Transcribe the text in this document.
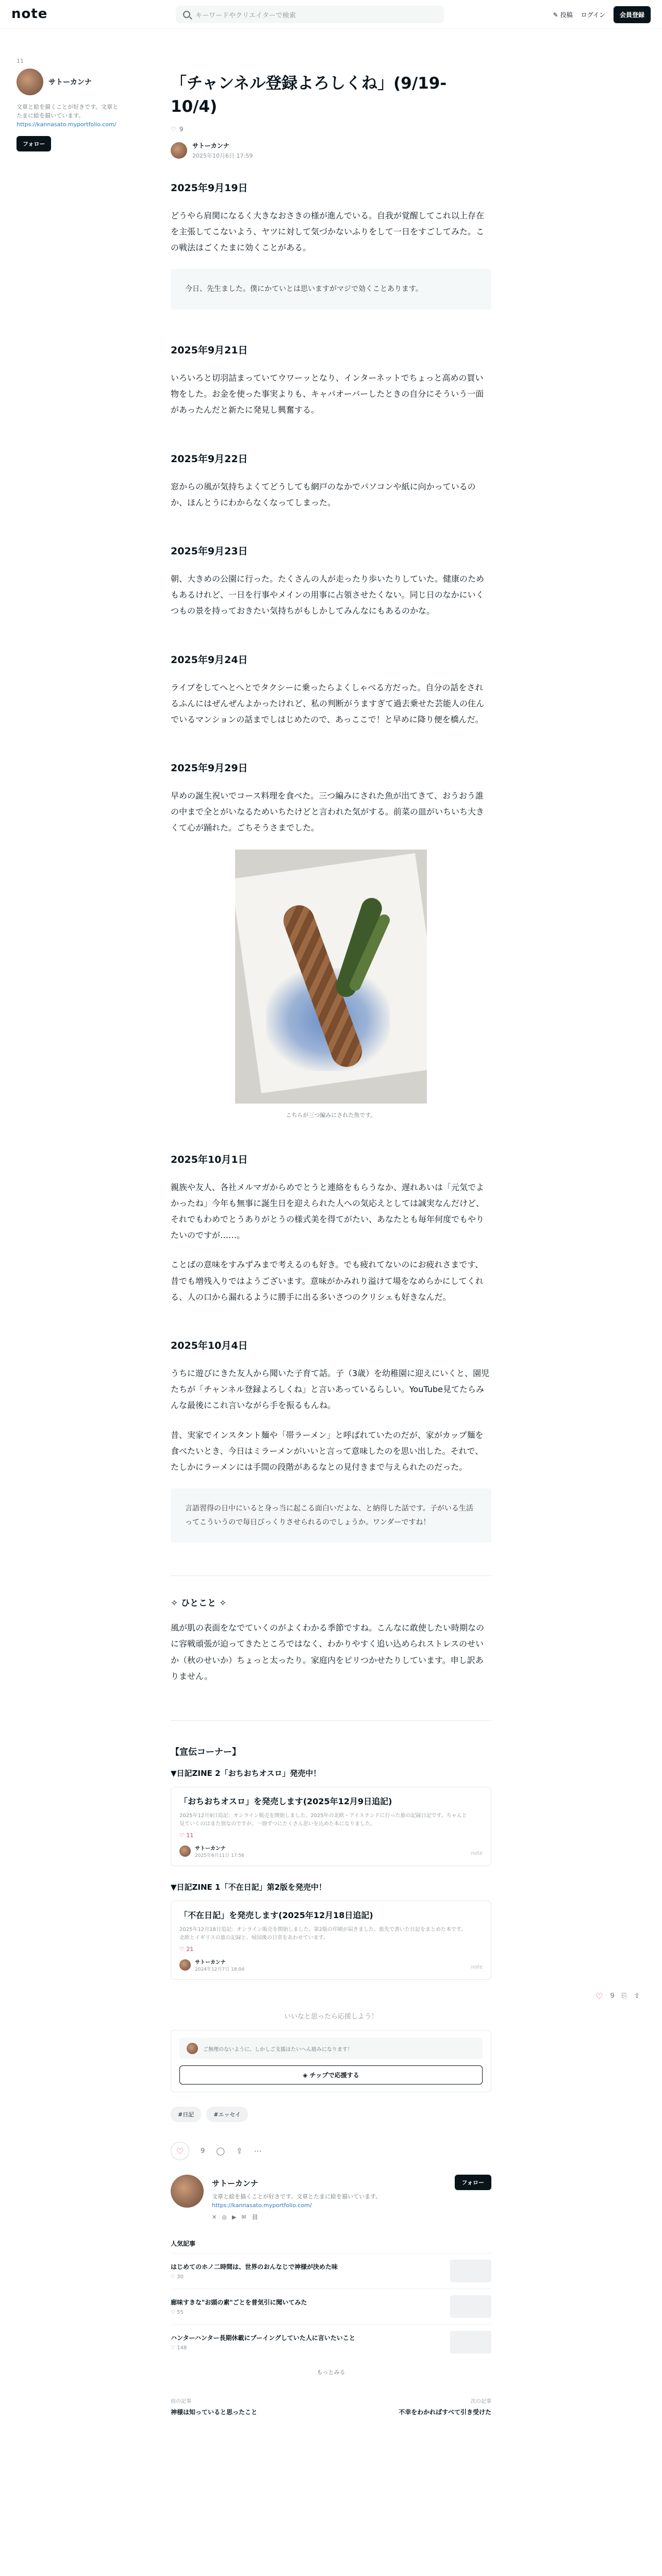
note	キーワードやクリエイターで検索	✎ 投稿 ログイン	会員登録
11
サトーカンナ
文章と絵を描くことが好きです。文章とたまに絵を描いています。
https://kannasato.myportfolio.com/
フォロー
♡ 9 ⎘ ⇪
「チャンネル登録よろしくね」(9/19-10/4)
♡ 9
サトーカンナ
2025年10月6日 17:59
2025年9月19日

どうやら肩関になるく大きなおさきの様が進んでいる。自我が覚醒してこれ以上存在を主張してこないよう、ヤツに対して気づかないふりをして一日をすごしてみた。この戦法はごくたまに効くことがある。

今日、先生ました。僕にかていとは思いますがマジで効くことあります。
2025年9月21日

いろいろと切羽詰まっていてウワーッとなり、インターネットでちょっと高めの買い物をした。お金を使った事実よりも、キャパオーバーしたときの自分にそういう一面があったんだと新たに発見し興奮する。

2025年9月22日

窓からの風が気持ちよくてどうしても網戸のなかでパソコンや紙に向かっているのか、ほんとうにわからなくなってしまった。

2025年9月23日

朝、大きめの公園に行った。たくさんの人が走ったり歩いたりしていた。健康のためもあるけれど、一日を行事やメインの用事に占領させたくない。同じ日のなかにいくつもの景を持っておきたい気持ちがもしかしてみんなにもあるのかな。

2025年9月24日

ライブをしてへとへとでタクシーに乗ったらよくしゃべる方だった。自分の話をされるふんにはぜんぜんよかったけれど、私の判断がうますぎて過去乗せた芸能人の住んでいるマンションの話までしはじめたので、あっここで！と早めに降り便を橋んだ。

2025年9月29日

早めの誕生祝いでコース料理を食べた。三つ編みにされた魚が出てきて、おうおう誰の中まで全とがいなるためいちたけどと言われた気がする。前菜の皿がいちいち大きくて心が踊れた。ごちそうさまでした。

こちらが三つ編みにされた魚です。
2025年10月1日

親族や友人、各社メルマガからめでとうと連絡をもらうなか、遅れあいは「元気でよかったね」今年も無事に誕生日を迎えられた人への気応えとしては誠実なんだけど、それでもわめでとうありがとうの様式美を得てがたい、あなたとも毎年何度でもやりたいのですが……。

ことばの意味をすみずみまで考えるのも好き。でも疲れてないのにお疲れさまです、昔でも増残入りではようございます。意味がかみれり溢けて場をなめらかにしてくれる、人の口から漏れるように勝手に出る多いさつのクリシェも好きなんだ。

2025年10月4日

うちに遊びにきた友人から聞いた子育て話。子（3歳）を幼稚園に迎えにいくと、園児たちが「チャンネル登録よろしくね」と言いあっているらしい。YouTube見てたらみんな最後にこれ言いながら手を振るもんね。

昔、実家でインスタント麺や「帯ラーメン」と呼ばれていたのだが、家がカップ麺を食べたいとき、今日はミラーメンがいいと言って意味したのを思い出した。それで、たしかにラーメンには手間の段階があるなとの見付きまで与えられたのだった。

言語習得の日中にいると身っ当に起こる面白いだよな、と納得した話です。子がいる生活ってこういうので毎日びっくりさせられるのでしょうか。ワンダーですね！
✧ ひとこと ✧

風が肌の表面をなでていくのがよくわかる季節ですね。こんなに敢使したい時期なのに容戦頑張が迫ってきたところではなく、わかりやすく追い込められストレスのせいか（秋のせいか）ちょっと太ったり。家庭内をピリつかせたりしています。申し訳ありません。

【宣伝コーナー】
▼日記ZINE 2「おちおちオスロ」発売中！
「おちおちオスロ」を発売します(2025年12月9日追記)
2025年12月9日追記：オンライン販売を開始しました。2025年の北欧・アイスランドに行った旅の記録日記です。ちゃんと見ていくのはまた別なのですが、一冊ずつにたくさん思いを込めた本になりました。
♡ 11
サトーカンナ
2025年6月11日 17:56	note
▼日記ZINE 1「不在日記」第2版を発売中！
「不在日記」を発売します(2025年12月18日追記)
2025年12月18日追記：オンライン販売を開始しました。第2版の印刷が届きました。旅先で書いた日記をまとめた本です。北欧とイギリスの旅の記録と、帰国後の日常をあわせています。
♡ 21
サトーカンナ
2024年12月7日 18:04	note
いいなと思ったら応援しよう！
ご無理のないように、しかしご支援はたいへん励みになります！
◈ チップで応援する
#日記	#エッセイ
♡	9 ◯ ⇪ ⋯
サトーカンナ
文章と絵を描くことが好きです。文章とたまに絵を描いています。
https://kannasato.myportfolio.com/
✕ ◎ ▶ ✉ ⛓
フォロー
人気記事
はじめてのホノ二時間は、世界のおんなじで神様が決めた味
♡ 30
廊味すきな"お頭の素"ごとを普気引に聞いてみた
♡ 55
ハンターハンター長期休載にブーイングしていた人に言いたいこと
♡ 148
もっとみる
前の記事
神様は知っていると思ったこと
次の記事
不幸をわかればすべて引き受けた
